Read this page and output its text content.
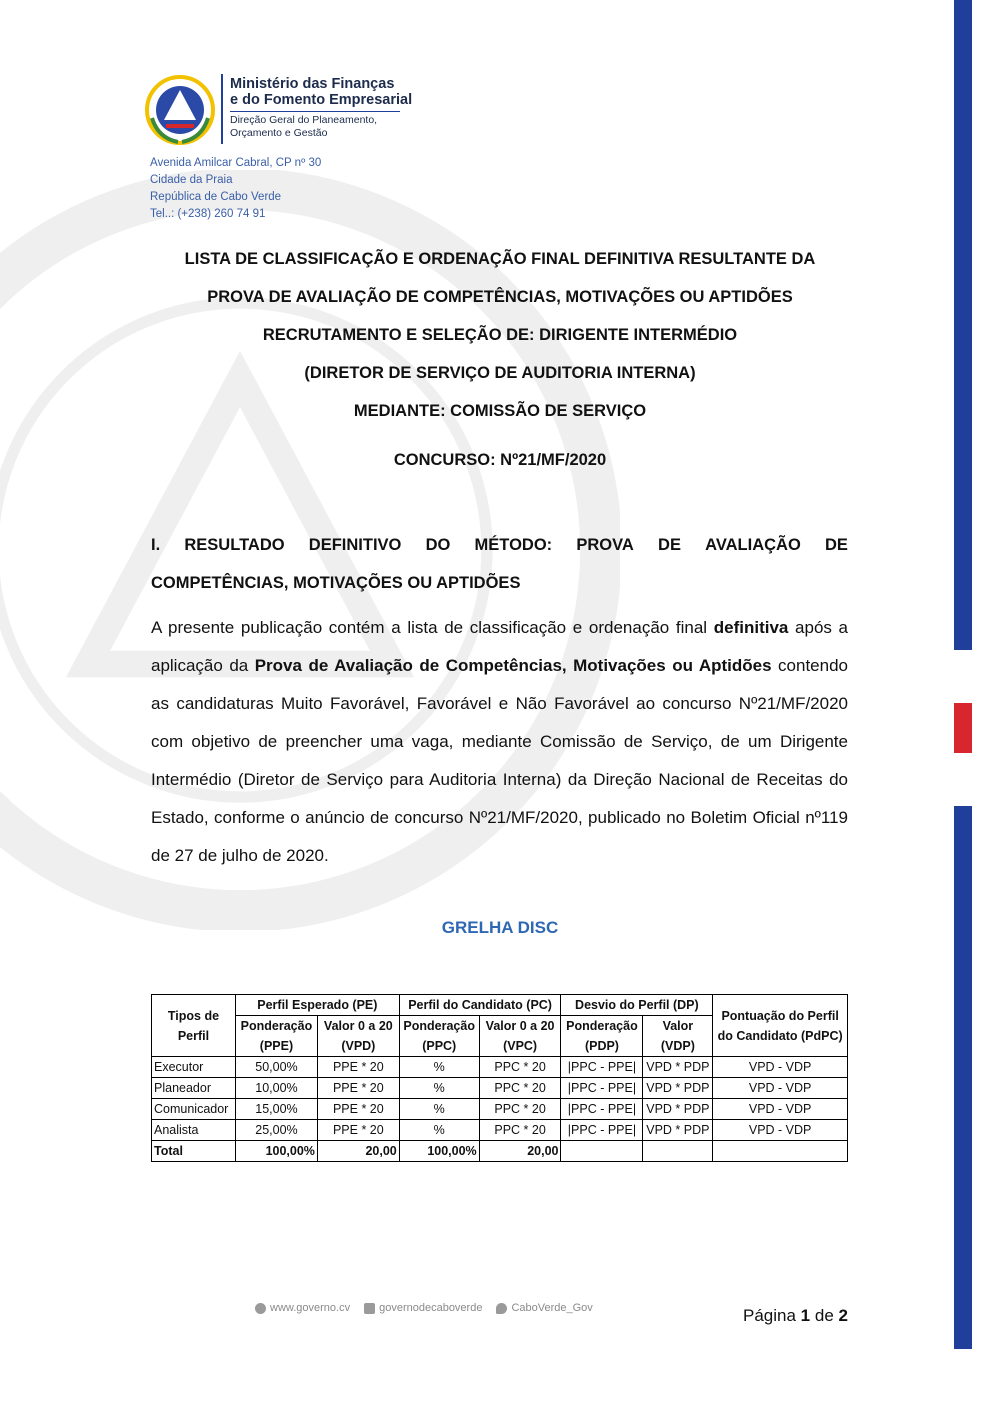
Ministério das Finanças
e do Fomento Empresarial
Direção Geral do Planeamento,
Orçamento e Gestão
Avenida Amilcar Cabral, CP nº 30
Cidade da Praia
República de Cabo Verde
Tel..: (+238) 260 74 91
LISTA DE CLASSIFICAÇÃO E ORDENAÇÃO FINAL DEFINITIVA RESULTANTE DA
PROVA DE AVALIAÇÃO DE COMPETÊNCIAS, MOTIVAÇÕES OU APTIDÕES
RECRUTAMENTO E SELEÇÃO DE: DIRIGENTE INTERMÉDIO
(DIRETOR DE SERVIÇO DE AUDITORIA INTERNA)
MEDIANTE: COMISSÃO DE SERVIÇO
CONCURSO: Nº21/MF/2020
I. RESULTADO DEFINITIVO DO MÉTODO: PROVA DE AVALIAÇÃO DE
COMPETÊNCIAS, MOTIVAÇÕES OU APTIDÕES
A presente publicação contém a lista de classificação e ordenação final definitiva após a aplicação da Prova de Avaliação de Competências, Motivações ou Aptidões contendo as candidaturas Muito Favorável, Favorável e Não Favorável ao concurso Nº21/MF/2020 com objetivo de preencher uma vaga, mediante Comissão de Serviço, de um Dirigente Intermédio (Diretor de Serviço para Auditoria Interna) da Direção Nacional de Receitas do Estado, conforme o anúncio de concurso Nº21/MF/2020, publicado no Boletim Oficial nº119 de 27 de julho de 2020.
GRELHA DISC
Tipos de Perfil	Perfil Esperado (PE)		Perfil do Candidato (PC)		Desvio do Perfil (DP)		Pontuação do Perfil do Candidato (PdPC)
	Ponderação (PPE)	Valor 0 a 20 (VPD)	Ponderação (PPC)	Valor 0 a 20 (VPC)	Ponderação (PDP)	Valor (VDP)	

Executor	50,00%	PPE * 20	%	PPC * 20	|PPC - PPE|	VPD * PDP	VPD - VDP
Planeador	10,00%	PPE * 20	%	PPC * 20	|PPC - PPE|	VPD * PDP	VPD - VDP
Comunicador	15,00%	PPE * 20	%	PPC * 20	|PPC - PPE|	VPD * PDP	VPD - VDP
Analista	25,00%	PPE * 20	%	PPC * 20	|PPC - PPE|	VPD * PDP	VPD - VDP
Total	100,00%	20,00	100,00%	20,00			
www.governo.cv	governodecaboverde	CaboVerde_Gov	Página 1 de 2
